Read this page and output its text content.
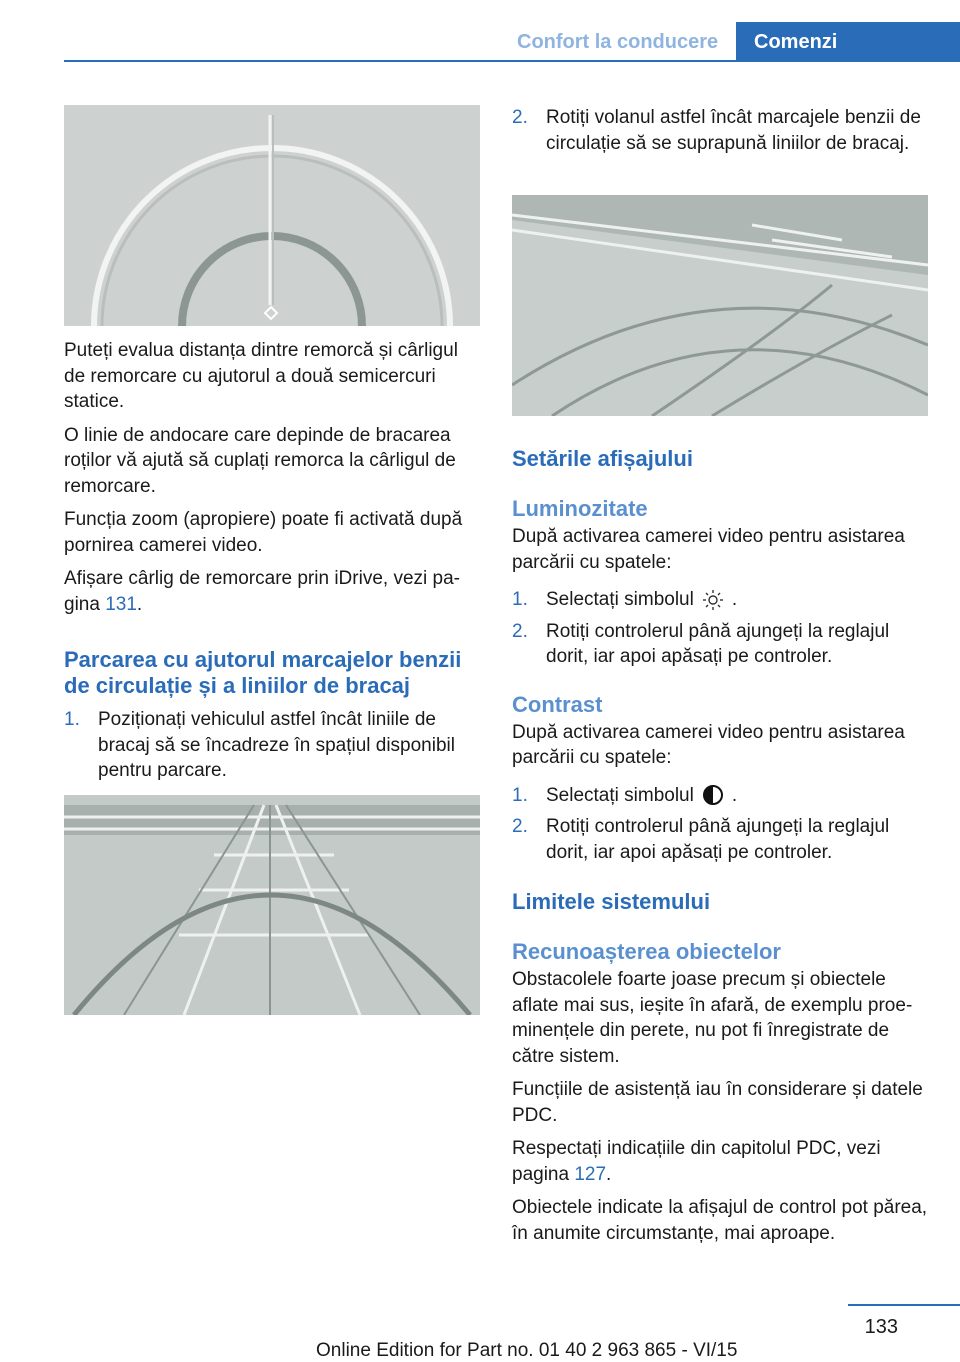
Confort la conducere Comenzi

Puteți evalua distanța dintre remorcă și cârligul de remorcare cu ajutorul a două semicercuri statice.

O linie de andocare care depinde de bracarea roților vă ajută să cuplați remorca la cârligul de remorcare.

Funcția zoom (apropiere) poate fi activată după pornirea camerei video.

Afișare cârlig de remorcare prin iDrive, vezi pagina 131.

Parcarea cu ajutorul marcajelor benzii de circulație și a liniilor de bracaj
1. Poziționați vehiculul astfel încât liniile de bracaj să se încadreze în spațiul disponibil pentru parcare.
2. Rotiți volanul astfel încât marcajele benzii de circulație să se suprapună liniilor de bracaj.
Setările afișajului
Luminozitate

După activarea camerei video pentru asistarea parcării cu spatele:

1. Selectați simbolul .
2. Rotiți controlerul până ajungeți la reglajul dorit, iar apoi apăsați pe controler.
Contrast

După activarea camerei video pentru asistarea parcării cu spatele:

1. Selectați simbolul .
2. Rotiți controlerul până ajungeți la reglajul dorit, iar apoi apăsați pe controler.
Limitele sistemului
Recunoașterea obiectelor

Obstacolele foarte joase precum și obiectele aflate mai sus, ieșite în afară, de exemplu proeminențele din perete, nu pot fi înregistrate de către sistem.

Funcțiile de asistență iau în considerare și datele PDC.

Respectați indicațiile din capitolul PDC, vezi pagina 127.

Obiectele indicate la afișajul de control pot părea, în anumite circumstanțe, mai aproape.

133
Online Edition for Part no. 01 40 2 963 865 - VI/15
